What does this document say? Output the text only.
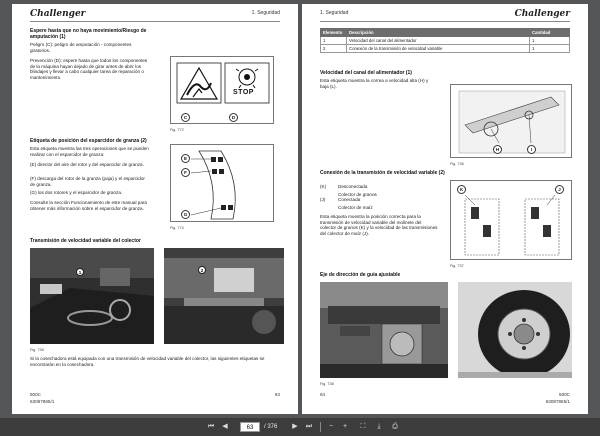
Challenger	1. Seguridad
Espere hasta que no haya movimiento/Riesgo de amputación (1)
Peligro (C): peligro de amputación - componentes giratorios.
Prevención (D): espere hasta que todos los componentes de la máquina hayan dejado de girar antes de abrir los blindajes y llevar a cabo cualquier tarea de reparación o mantenimiento.
STOP
C	D
Fig. 772
Etiqueta de posición del esparcidor de granza (2)
Esta etiqueta muestra las tres operaciones que se pueden realizar con el esparcidor de granza:
(E) director del aire del rotor y del esparcidor de granza.
(F) descarga del rotor de la granza (paja) y el esparcidor de granza.
(G) los dos rotores y el esparcidor de granza.
Consulte la sección Funcionamiento de este manual para obtener más información sobre el esparcidor de granza.
E
F
G
Fig. 774
Transmisión de velocidad variable del colector
1	2
Fig. 735
Si la cosechadora está equipada con una transmisión de velocidad variable del colector, las siguientes etiquetas se encontrarán en la cosechadora.
500C
63087865/1
63
1. Seguridad	Challenger
Elemento	Descripción	Cantidad
1	Velocidad del canal del alimentador	1
2	Conexión de la transmisión de velocidad variable	1
Velocidad del canal del alimentador (1)
Esta etiqueta muestra la correa a velocidad alta (H) y baja (L).
H	I
Fig. 736
Conexión de la transmisión de velocidad variable (2)
(K)	Desconectada
Colector de granos
(J)	Conectada
Colector de maíz
Esta etiqueta muestra la posición correcta para la transmisión de velocidad variable del molinete del colector de granos (K) y la velocidad de las transmisiones del colector de maíz (J).
K	J
Fig. 737
Eje de dirección de guía ajustable
Fig. 738
64	500C
63087865/1
⏮	◀	63	/ 376	▶	⏭	−	+	⛶	⤓	⎙
